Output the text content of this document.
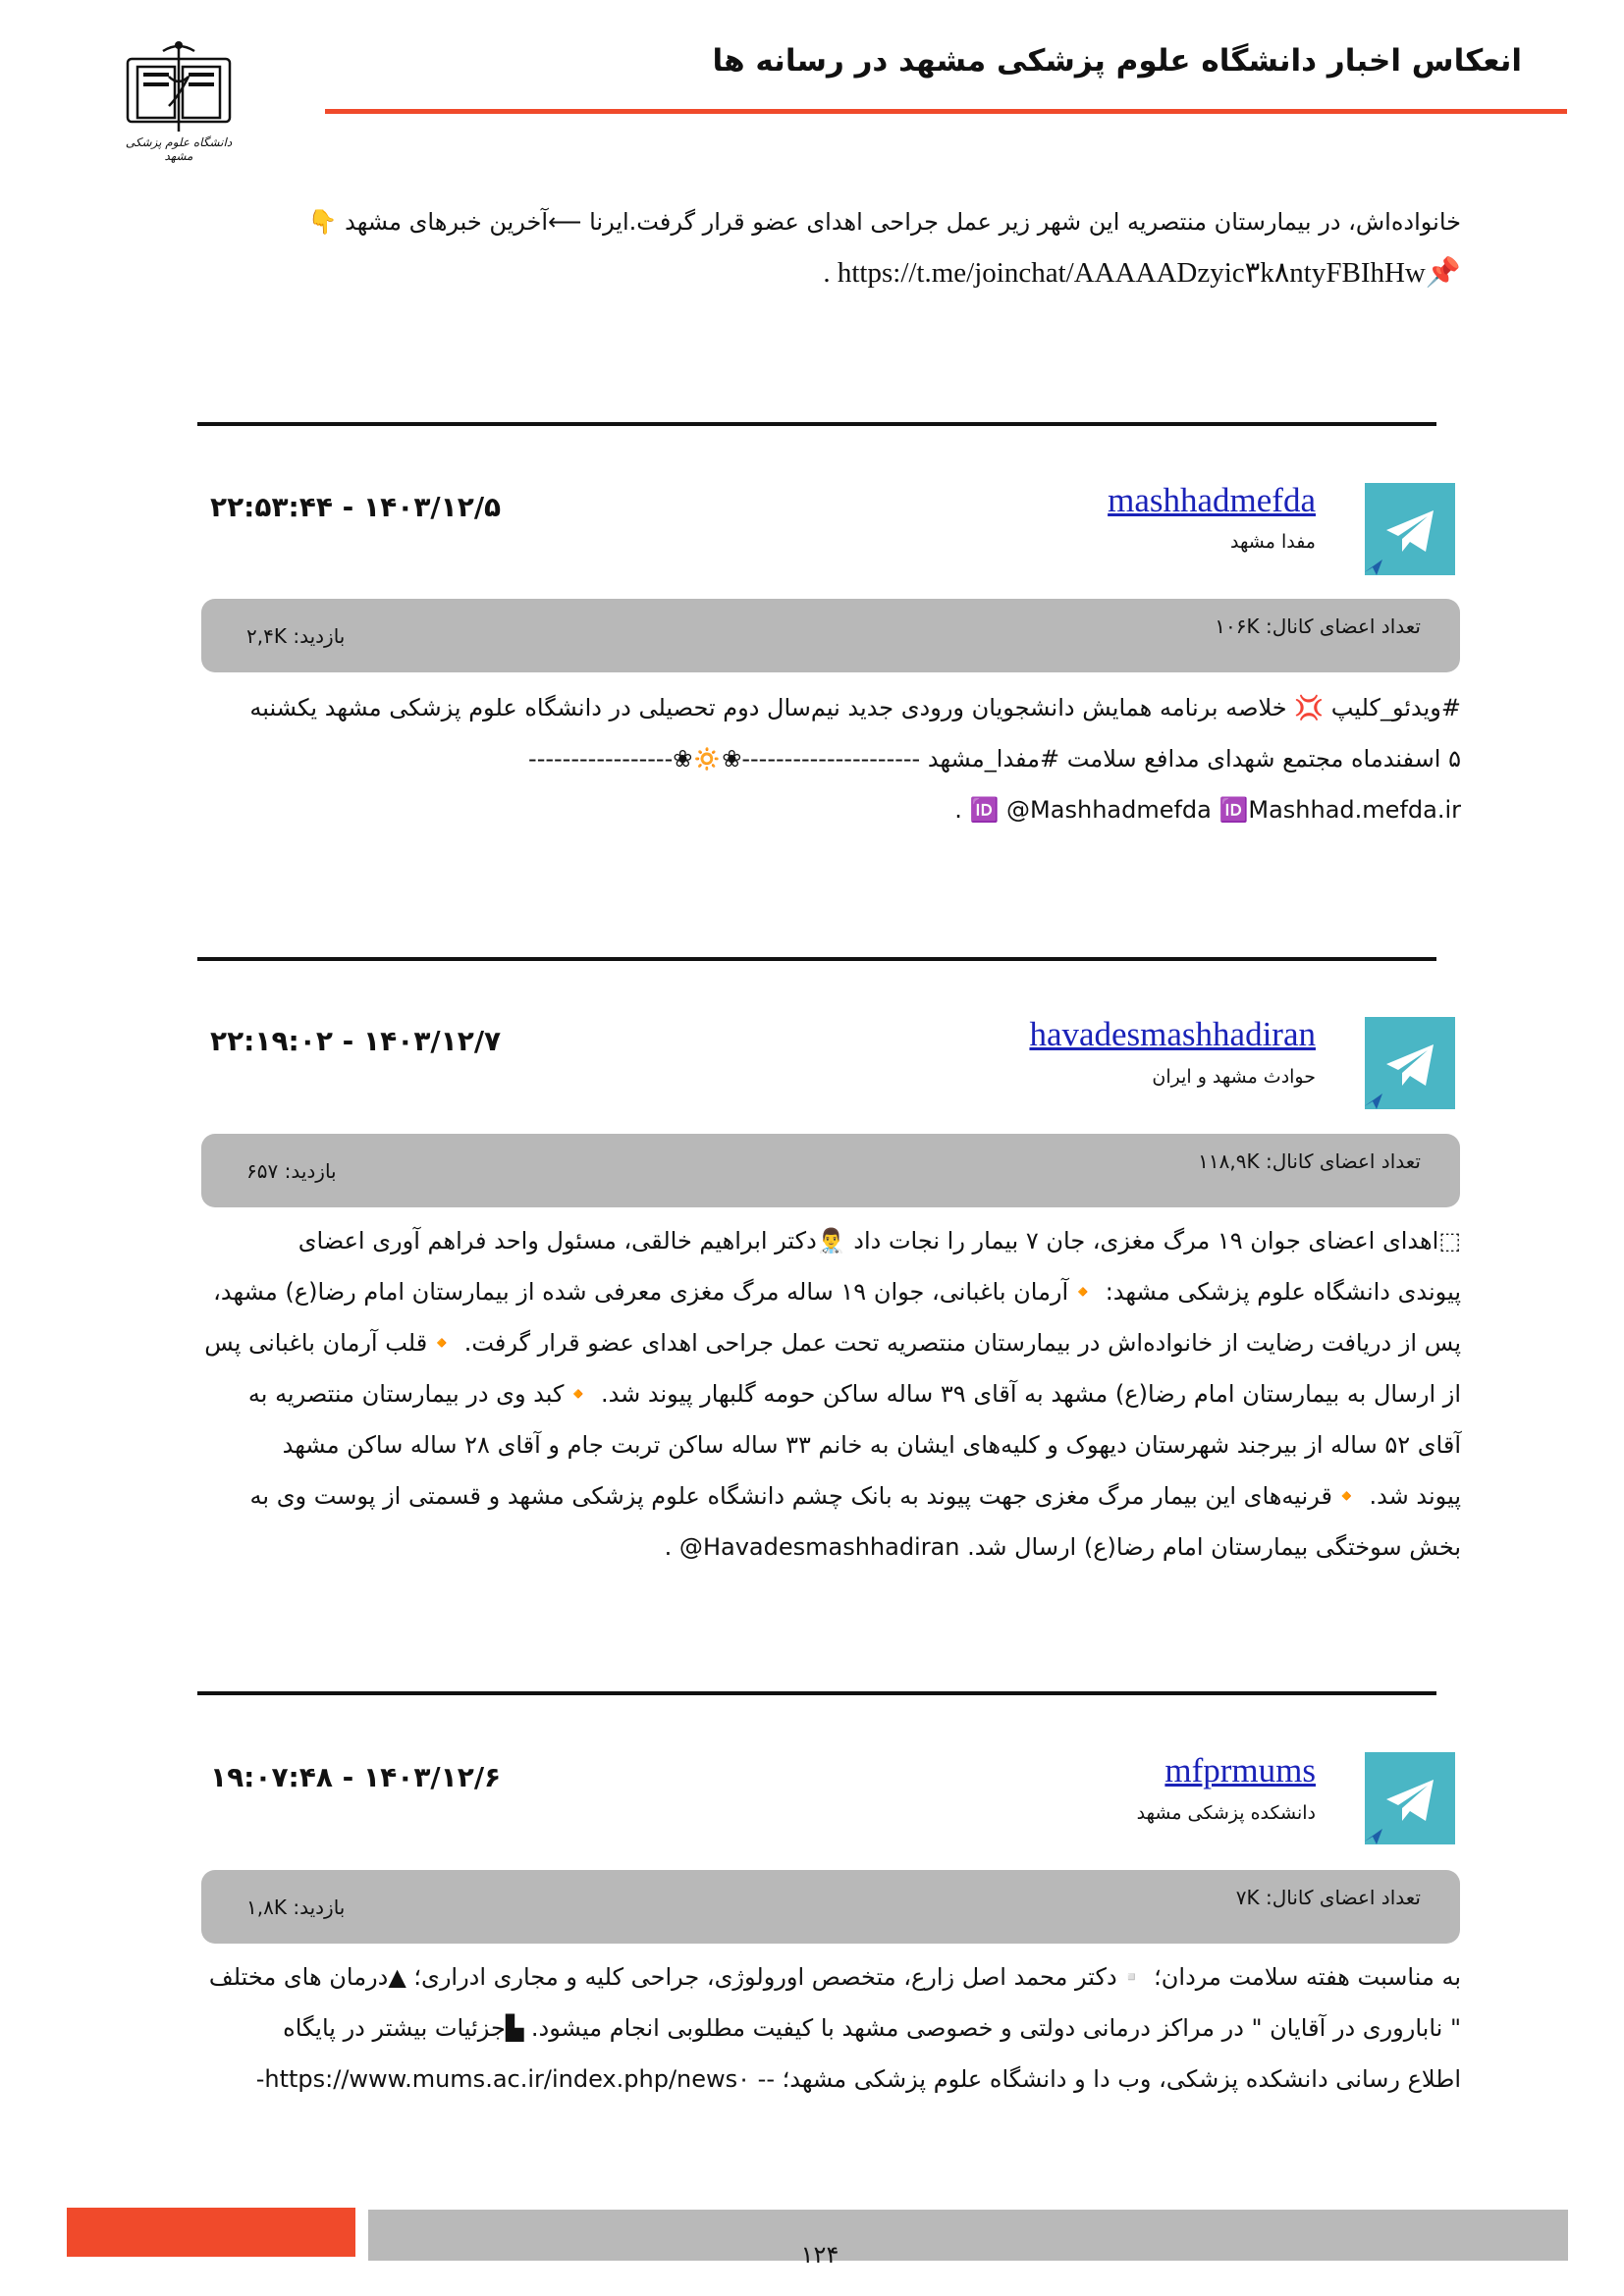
انعکاس اخبار دانشگاه علوم پزشکی مشهد در رسانه ها
دانشگاه علوم پزشکی مشهد
خانواده‌اش، در بیمارستان منتصریه این شهر زیر عمل جراحی اهدای عضو قرار گرفت.ایرنا ⟵آخرین خبرهای مشهد 👇
📌https://t.me/joinchat/AAAAADzyic۳k۸ntyFBIhHw .
mashhadmefda
مفدا مشهد
۲۲:۵۳:۴۴ - ۱۴۰۳/۱۲/۵
تعداد اعضای کانال: ۱۰۶K
بازدید: ۲,۴K
#ویدئو_کلیپ 💢 خلاصه برنامه همایش دانشجویان ورودی جدید نیم‌سال دوم تحصیلی در دانشگاه علوم پزشکی مشهد یکشنبه
۵ اسفندماه مجتمع شهدای مدافع سلامت #مفدا_مشهد ---------------------❀🔅❀-----------------
🆔 @Mashhadmefda 🆔Mashhad.mefda.ir .
havadesmashhadiran
حوادث مشهد و ایران
۲۲:۱۹:۰۲ - ۱۴۰۳/۱۲/۷
تعداد اعضای کانال: ۱۱۸,۹K
بازدید: ۶۵۷
⬚اهدای اعضای جوان ۱۹ مرگ مغزی، جان ۷ بیمار را نجات داد 👨‍⚕️دکتر ابراهیم خالقی، مسئول واحد فراهم آوری اعضای
پیوندی دانشگاه علوم پزشکی مشهد: 🔸آرمان باغبانی، جوان ۱۹ ساله مرگ مغزی معرفی شده از بیمارستان امام رضا(ع) مشهد،
پس از دریافت رضایت از خانواده‌اش در بیمارستان منتصریه تحت عمل جراحی اهدای عضو قرار گرفت. 🔸قلب آرمان باغبانی پس
از ارسال به بیمارستان امام رضا(ع) مشهد به آقای ۳۹ ساله ساکن حومه گلبهار پیوند شد. 🔸کبد وی در بیمارستان منتصریه به
آقای ۵۲ ساله از بیرجند شهرستان دیهوک و کلیه‌های ایشان به خانم ۳۳ ساله ساکن تربت جام و آقای ۲۸ ساله ساکن مشهد
پیوند شد. 🔸قرنیه‌های این بیمار مرگ مغزی جهت پیوند به بانک چشم دانشگاه علوم پزشکی مشهد و قسمتی از پوست وی به
بخش سوختگی بیمارستان امام رضا(ع) ارسال شد. Havadesmashhadiran@ .
mfprmums
دانشکده پزشکی مشهد
۱۹:۰۷:۴۸ - ۱۴۰۳/۱۲/۶
تعداد اعضای کانال: ۷K
بازدید: ۱,۸K
به مناسبت هفته سلامت مردان؛ ▫️دکتر محمد اصل زارع، متخصص اورولوژی، جراحی کلیه و مجاری ادراری؛ ▲درمان های مختلف
" ناباروری در آقایان " در مراکز درمانی دولتی و خصوصی مشهد با کیفیت مطلوبی انجام میشود. ▙جزئیات بیشتر در پایگاه
اطلاع رسانی دانشکده پزشکی، وب دا و دانشگاه علوم پزشکی مشهد؛ -- https://www.mums.ac.ir/index.php/news۰-
۱۲۴
